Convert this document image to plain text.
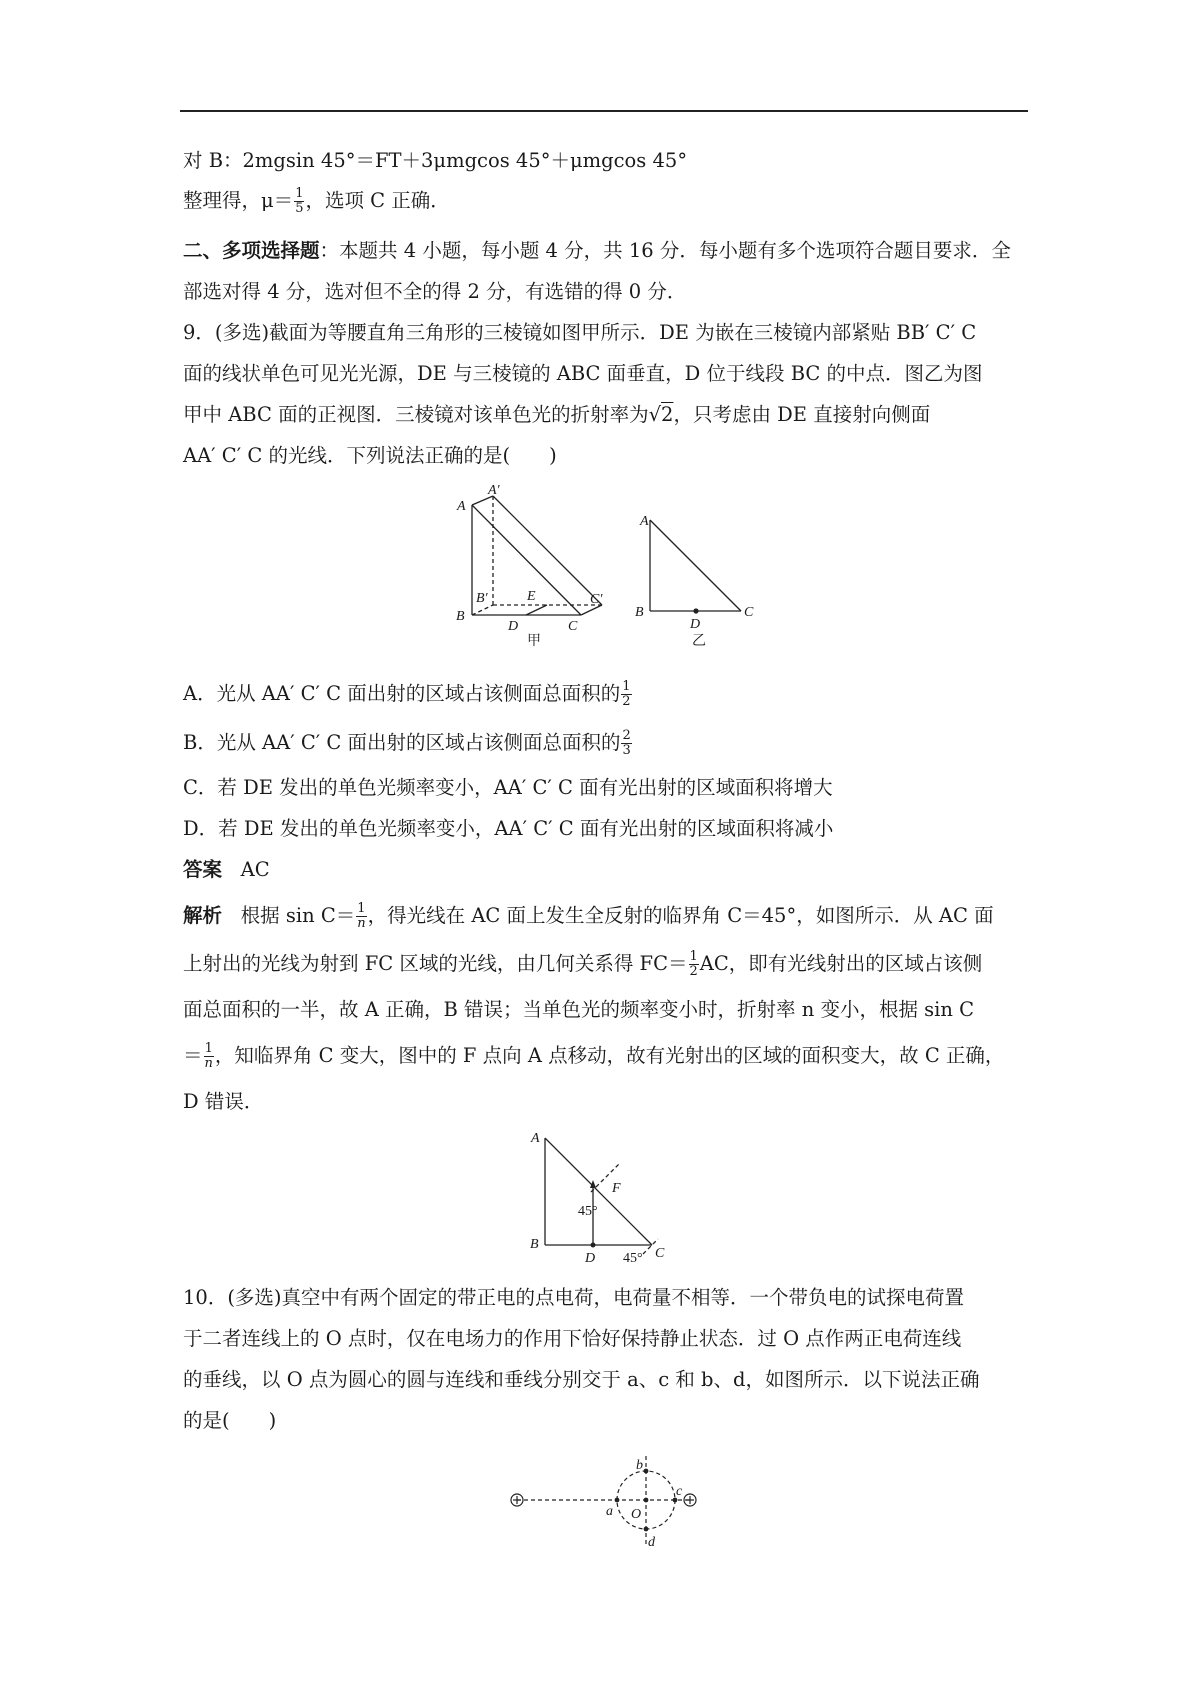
对 B：2mgsin 45°＝FT＋3μmgcos 45°＋μmgcos 45°
整理得，$\mu= \frac{1}{5}$ ，选项 C 正确．
二、多项选择题：本题共 4 小题，每小题 4 分，共 16 分．每小题有多个选项符合题目要求．全
部选对得 4 分，选对但不全的得 2 分，有选错的得 0 分．
9．(多选)截面为等腰直角三角形的三棱镜如图甲所示．DE 为嵌在三棱镜内部紧贴 BB′ C′ C
面的线状单色可见光光源，DE 与三棱镜的 ABC 面垂直，D 位于线段 BC 的中点．图乙为图
甲中 ABC 面的正视图．三棱镜对该单色光的折射率为√2，只考虑由 DE 直接射向侧面
AA′ C′ C 的光线．下列说法正确的是(　　)
A
A′
B′	E	C′
B
D	C
甲
A
B
D
C
乙
A．光从 AA′ C′ C 面出射的区域占该侧面总面积的 $\frac{1}{2}$
B．光从 AA′ C′ C 面出射的区域占该侧面总面积的 $\frac{2}{3}$
C．若 DE 发出的单色光频率变小，AA′ C′ C 面有光出射的区域面积将增大
D．若 DE 发出的单色光频率变小，AA′ C′ C 面有光出射的区域面积将减小
答案 AC
解析 根据 $\sin C= \frac{1}{n}$ ，得光线在 AC 面上发生全反射的临界角 C＝45°，如图所示．从 AC 面
上射出的光线为射到 FC 区域的光线，由几何关系得 $FC= \frac{1}{2}$ AC，即有光线射出的区域占该侧
面总面积的一半，故 A 正确，B 错误；当单色光的频率变小时，折射率 n 变小，根据 sin C
＝ $\frac{1}{n}$ ，知临界角 C 变大，图中的 F 点向 A 点移动，故有光射出的区域的面积变大，故 C 正确，
D 错误．
A
F
45°
B
D	C
45°
10．(多选)真空中有两个固定的带正电的点电荷，电荷量不相等．一个带负电的试探电荷置
于二者连线上的 O 点时，仅在电场力的作用下恰好保持静止状态．过 O 点作两正电荷连线
的垂线，以 O 点为圆心的圆与连线和垂线分别交于 a、c 和 b、d，如图所示．以下说法正确
的是(　　)
b
a O
c
d
